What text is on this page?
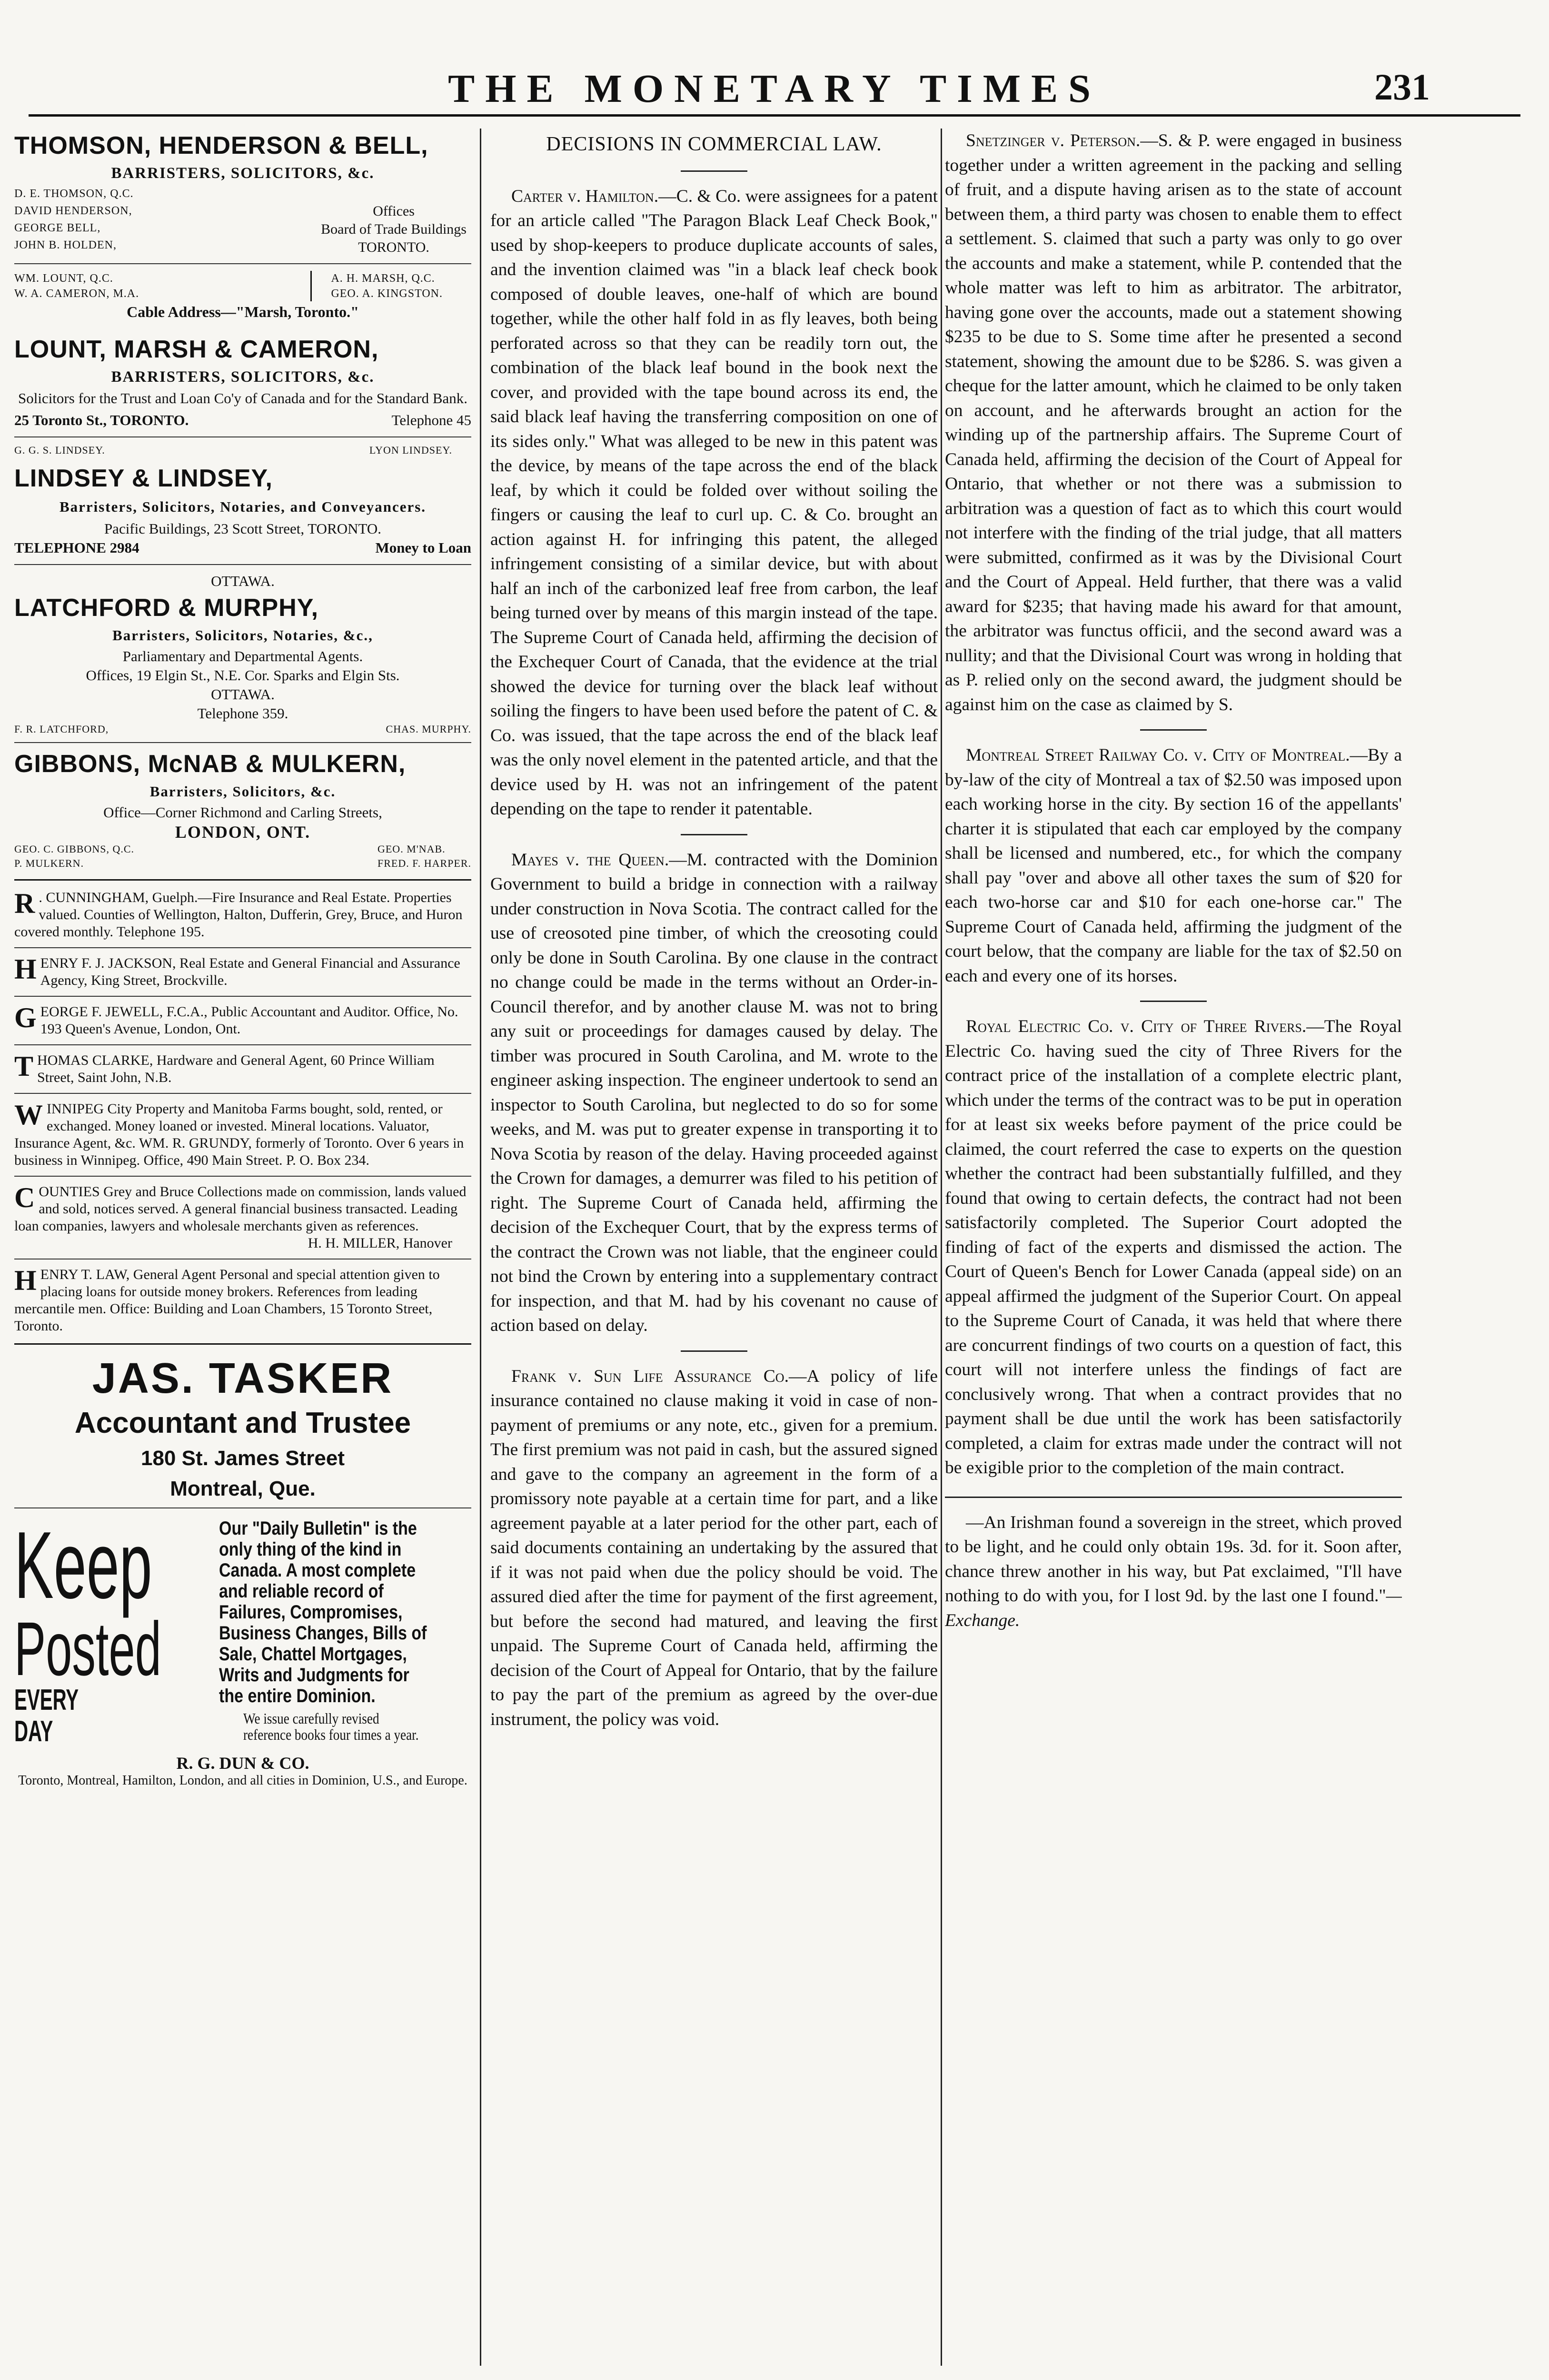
THE MONETARY TIMES	231
THOMSON, HENDERSON & BELL,
BARRISTERS, SOLICITORS, &c.
D. E. THOMSON, Q.C.
DAVID HENDERSON,
GEORGE BELL,
JOHN B. HOLDEN,
Offices
Board of Trade Buildings
TORONTO.
WM. LOUNT, Q.C.
W. A. CAMERON, M.A.
A. H. MARSH, Q.C.
GEO. A. KINGSTON.
Cable Address—"Marsh, Toronto."
LOUNT, MARSH & CAMERON,
BARRISTERS, SOLICITORS, &c.
Solicitors for the Trust and Loan Co'y of Canada and for the Standard Bank.
25 Toronto St., TORONTO.	Telephone 45
G. G. S. LINDSEY.	LYON LINDSEY.
LINDSEY & LINDSEY,
Barristers, Solicitors, Notaries, and Conveyancers.
Pacific Buildings, 23 Scott Street, TORONTO.
TELEPHONE 2984	Money to Loan
OTTAWA.
LATCHFORD & MURPHY,
Barristers, Solicitors, Notaries, &c.,
Parliamentary and Departmental Agents.
Offices, 19 Elgin St., N.E. Cor. Sparks and Elgin Sts.
OTTAWA.
Telephone 359.
F. R. LATCHFORD,	CHAS. MURPHY.
GIBBONS, McNAB & MULKERN,
Barristers, Solicitors, &c.
Office—Corner Richmond and Carling Streets,
LONDON, ONT.
GEO. C. GIBBONS, Q.C.
P. MULKERN.
GEO. M'NAB.
FRED. F. HARPER.
R . CUNNINGHAM, Guelph.—Fire Insurance and Real Estate. Properties valued. Counties of Wellington, Halton, Dufferin, Grey, Bruce, and Huron covered monthly. Telephone 195.
HENRY F. J. JACKSON, Real Estate and General Financial and Assurance Agency, King Street, Brockville.
GEORGE F. JEWELL, F.C.A., Public Accountant and Auditor. Office, No. 193 Queen's Avenue, London, Ont.
THOMAS CLARKE, Hardware and General Agent, 60 Prince William Street, Saint John, N.B.
WINNIPEG City Property and Manitoba Farms bought, sold, rented, or exchanged. Money loaned or invested. Mineral locations. Valuator, Insurance Agent, &c. WM. R. GRUNDY, formerly of Toronto. Over 6 years in business in Winnipeg. Office, 490 Main Street. P. O. Box 234.
COUNTIES Grey and Bruce Collections made on commission, lands valued and sold, notices served. A general financial business transacted. Leading loan companies, lawyers and wholesale merchants given as references.
H. H. MILLER, Hanover
HENRY T. LAW, General Agent Personal and special attention given to placing loans for outside money brokers. References from leading mercantile men. Office: Building and Loan Chambers, 15 Toronto Street, Toronto.
JAS. TASKER
Accountant and Trustee
180 St. James Street
Montreal, Que.
Keep
Posted
EVERY
DAY
Our "Daily Bulletin" is the only thing of the kind in Canada. A most complete and reliable record of Failures, Compromises, Business Changes, Bills of Sale, Chattel Mortgages, Writs and Judgments for the entire Dominion.
We issue carefully revised reference books four times a year.
R. G. DUN & CO.
Toronto, Montreal, Hamilton, London, and all cities in Dominion, U.S., and Europe.
DECISIONS IN COMMERCIAL LAW.

Carter v. Hamilton.—C. & Co. were assignees for a patent for an article called "The Paragon Black Leaf Check Book," used by shop-keepers to produce duplicate accounts of sales, and the invention claimed was "in a black leaf check book composed of double leaves, one-half of which are bound together, while the other half fold in as fly leaves, both being perforated across so that they can be readily torn out, the combination of the black leaf bound in the book next the cover, and provided with the tape bound across its end, the said black leaf having the transferring composition on one of its sides only." What was alleged to be new in this patent was the device, by means of the tape across the end of the black leaf, by which it could be folded over without soiling the fingers or causing the leaf to curl up. C. & Co. brought an action against H. for infringing this patent, the alleged infringement consisting of a similar device, but with about half an inch of the carbonized leaf free from carbon, the leaf being turned over by means of this margin instead of the tape. The Supreme Court of Canada held, affirming the decision of the Exchequer Court of Canada, that the evidence at the trial showed the device for turning over the black leaf without soiling the fingers to have been used before the patent of C. & Co. was issued, that the tape across the end of the black leaf was the only novel element in the patented article, and that the device used by H. was not an infringement of the patent depending on the tape to render it patentable.

Mayes v. the Queen.—M. contracted with the Dominion Government to build a bridge in connection with a railway under construction in Nova Scotia. The contract called for the use of creosoted pine timber, of which the creosoting could only be done in South Carolina. By one clause in the contract no change could be made in the terms without an Order-in-Council therefor, and by another clause M. was not to bring any suit or proceedings for damages caused by delay. The timber was procured in South Carolina, and M. wrote to the engineer asking inspection. The engineer undertook to send an inspector to South Carolina, but neglected to do so for some weeks, and M. was put to greater expense in transporting it to Nova Scotia by reason of the delay. Having proceeded against the Crown for damages, a demurrer was filed to his petition of right. The Supreme Court of Canada held, affirming the decision of the Exchequer Court, that by the express terms of the contract the Crown was not liable, that the engineer could not bind the Crown by entering into a supplementary contract for inspection, and that M. had by his covenant no cause of action based on delay.

Frank v. Sun Life Assurance Co.—A policy of life insurance contained no clause making it void in case of non-payment of premiums or any note, etc., given for a premium. The first premium was not paid in cash, but the assured signed and gave to the company an agreement in the form of a promissory note payable at a certain time for part, and a like agreement payable at a later period for the other part, each of said documents containing an undertaking by the assured that if it was not paid when due the policy should be void. The assured died after the time for payment of the first agreement, but before the second had matured, and leaving the first unpaid. The Supreme Court of Canada held, affirming the decision of the Court of Appeal for Ontario, that by the failure to pay the part of the premium as agreed by the over-due instrument, the policy was void.

Snetzinger v. Peterson.—S. & P. were engaged in business together under a written agreement in the packing and selling of fruit, and a dispute having arisen as to the state of account between them, a third party was chosen to enable them to effect a settlement. S. claimed that such a party was only to go over the accounts and make a statement, while P. contended that the whole matter was left to him as arbitrator. The arbitrator, having gone over the accounts, made out a statement showing $235 to be due to S. Some time after he presented a second statement, showing the amount due to be $286. S. was given a cheque for the latter amount, which he claimed to be only taken on account, and he afterwards brought an action for the winding up of the partnership affairs. The Supreme Court of Canada held, affirming the decision of the Court of Appeal for Ontario, that whether or not there was a submission to arbitration was a question of fact as to which this court would not interfere with the finding of the trial judge, that all matters were submitted, confirmed as it was by the Divisional Court and the Court of Appeal. Held further, that there was a valid award for $235; that having made his award for that amount, the arbitrator was functus officii, and the second award was a nullity; and that the Divisional Court was wrong in holding that as P. relied only on the second award, the judgment should be against him on the case as claimed by S.

Montreal Street Railway Co. v. City of Montreal.—By a by-law of the city of Montreal a tax of $2.50 was imposed upon each working horse in the city. By section 16 of the appellants' charter it is stipulated that each car employed by the company shall be licensed and numbered, etc., for which the company shall pay "over and above all other taxes the sum of $20 for each two-horse car and $10 for each one-horse car." The Supreme Court of Canada held, affirming the judgment of the court below, that the company are liable for the tax of $2.50 on each and every one of its horses.

Royal Electric Co. v. City of Three Rivers.—The Royal Electric Co. having sued the city of Three Rivers for the contract price of the installation of a complete electric plant, which under the terms of the contract was to be put in operation for at least six weeks before payment of the price could be claimed, the court referred the case to experts on the question whether the contract had been substantially fulfilled, and they found that owing to certain defects, the contract had not been satisfactorily completed. The Superior Court adopted the finding of fact of the experts and dismissed the action. The Court of Queen's Bench for Lower Canada (appeal side) on an appeal affirmed the judgment of the Superior Court. On appeal to the Supreme Court of Canada, it was held that where there are concurrent findings of two courts on a question of fact, this court will not interfere unless the findings of fact are conclusively wrong. That when a contract provides that no payment shall be due until the work has been satisfactorily completed, a claim for extras made under the contract will not be exigible prior to the completion of the main contract.

—An Irishman found a sovereign in the street, which proved to be light, and he could only obtain 19s. 3d. for it. Soon after, chance threw another in his way, but Pat exclaimed, "I'll have nothing to do with you, for I lost 9d. by the last one I found."—Exchange.
